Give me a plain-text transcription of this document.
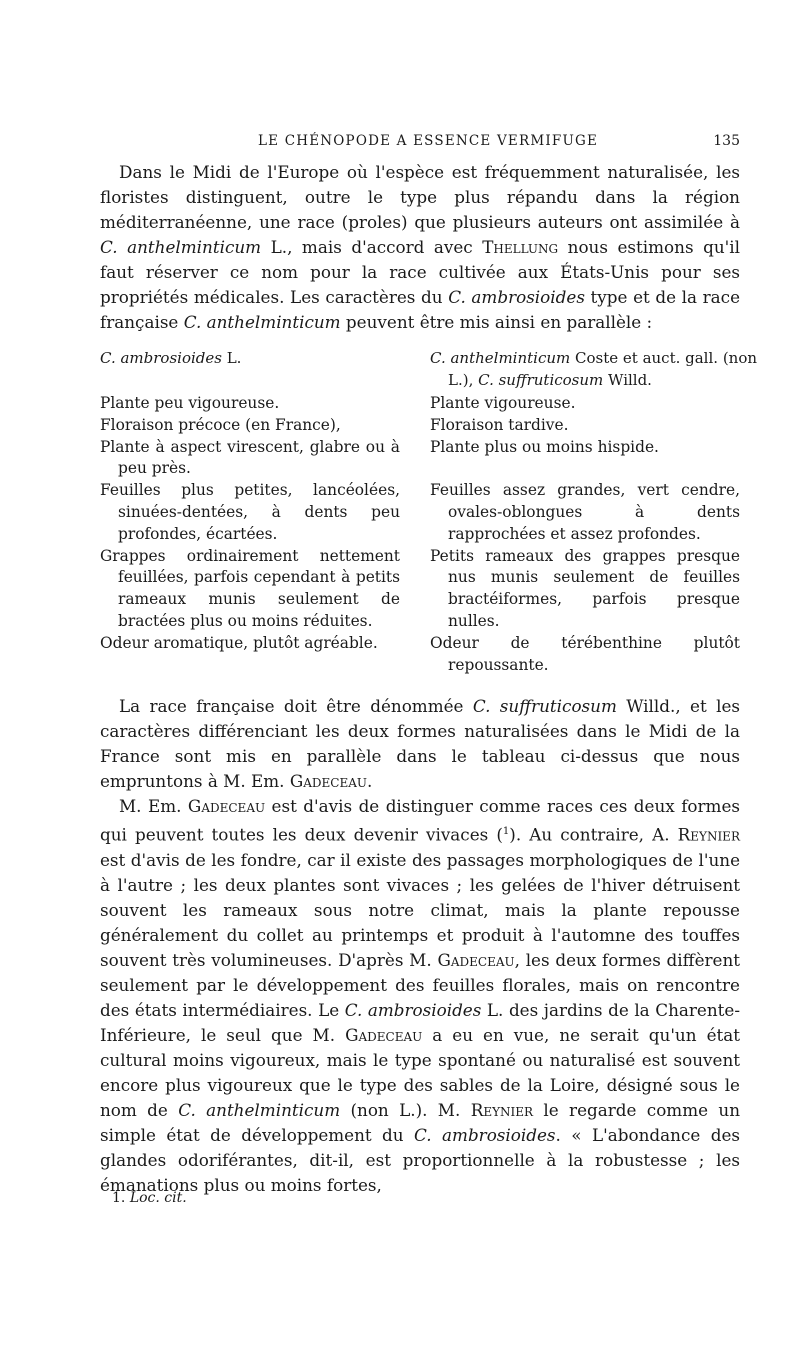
LE CHÉNOPODE A ESSENCE VERMIFUGE	135

Dans le Midi de l'Europe où l'espèce est fréquemment naturalisée, les floristes distinguent, outre le type plus répandu dans la région méditerranéenne, une race (proles) que plusieurs auteurs ont assimilée à C. anthelminticum L., mais d'accord avec Thellung nous estimons qu'il faut réserver ce nom pour la race cultivée aux États-Unis pour ses propriétés médicales. Les caractères du C. ambrosioides type et de la race française C. anthelminticum peuvent être mis ainsi en parallèle :

C. ambrosioides L.	C. anthelminticum Coste et auct. gall. (non L.), C. suffruticosum Willd.

Plante peu vigoureuse.

Floraison précoce (en France),

Plante à aspect virescent, glabre ou à peu près.

Feuilles plus petites, lancéolées, sinuées-dentées, à dents peu profondes, écartées.

Grappes ordinairement nettement feuillées, parfois cependant à petits rameaux munis seulement de bractées plus ou moins réduites.

Odeur aromatique, plutôt agréable.

Plante vigoureuse.

Floraison tardive.

Plante plus ou moins hispide.

Feuilles assez grandes, vert cendre, ovales-oblongues à dents rapprochées et assez profondes.

Petits rameaux des grappes presque nus munis seulement de feuilles bractéiformes, parfois presque nulles.

Odeur de térébenthine plutôt repoussante.

La race française doit être dénommée C. suffruticosum Willd., et les caractères différenciant les deux formes naturalisées dans le Midi de la France sont mis en parallèle dans le tableau ci-dessus que nous empruntons à M. Em. Gadeceau.

M. Em. Gadeceau est d'avis de distinguer comme races ces deux formes qui peuvent toutes les deux devenir vivaces ($^1$). Au contraire, A. Reynier est d'avis de les fondre, car il existe des passages morphologiques de l'une à l'autre ; les deux plantes sont vivaces ; les gelées de l'hiver détruisent souvent les rameaux sous notre climat, mais la plante repousse généralement du collet au printemps et produit à l'automne des touffes souvent très volumineuses. D'après M. Gadeceau, les deux formes diffèrent seulement par le développement des feuilles florales, mais on rencontre des états intermédiaires. Le C. ambrosioides L. des jardins de la Charente-Inférieure, le seul que M. Gadeceau a eu en vue, ne serait qu'un état cultural moins vigoureux, mais le type spontané ou naturalisé est souvent encore plus vigoureux que le type des sables de la Loire, désigné sous le nom de C. anthelminticum (non L.). M. Reynier le regarde comme un simple état de développement du C. ambrosioides. « L'abondance des glandes odoriférantes, dit-il, est proportionnelle à la robustesse ; les émanations plus ou moins fortes,

1. Loc. cit.
